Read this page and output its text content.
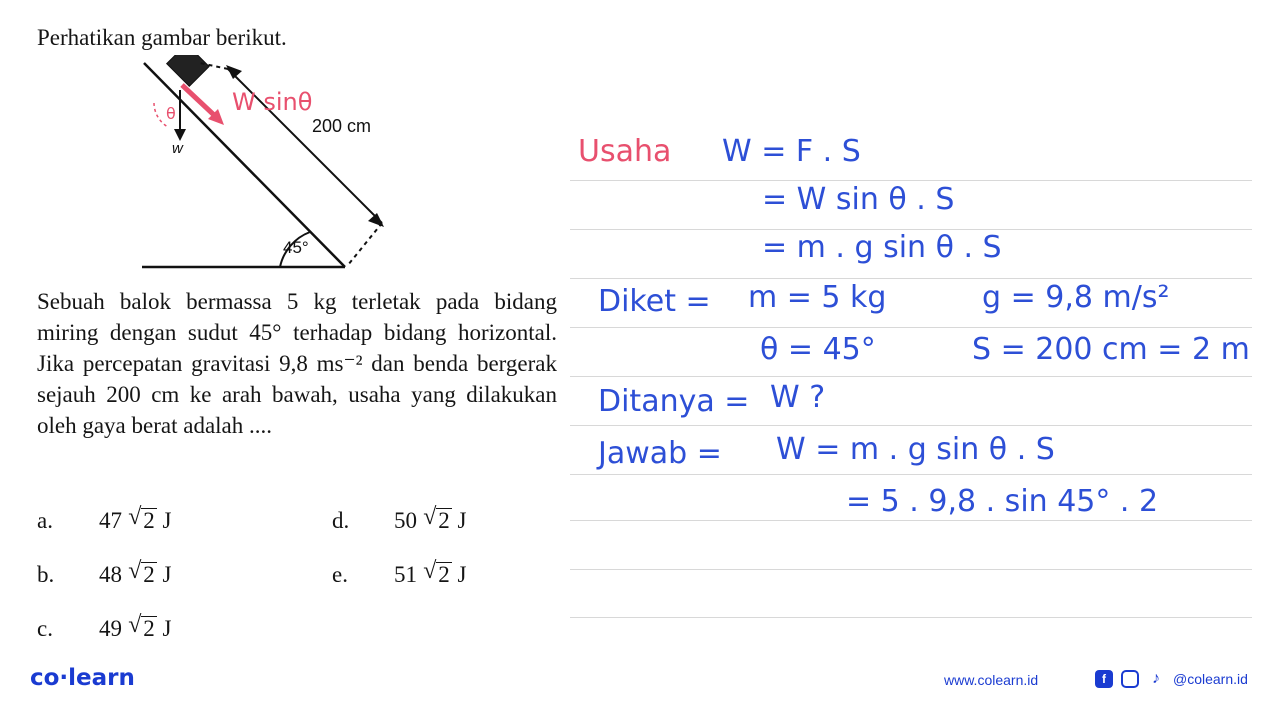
Perhatikan gambar berikut.
200 cm
45°
w
θ W sinθ
Sebuah balok bermassa 5 kg terletak pada bidang miring dengan sudut 45° terhadap bidang horizontal. Jika percepatan gravitasi 9,8 ms⁻² dan benda bergerak sejauh 200 cm ke arah bawah, usaha yang dilakukan oleh gaya berat adalah ....
a. 47 √ 2 J
b. 48 √ 2 J
c. 49 √ 2 J
d. 50 √ 2 J
e. 51 √ 2 J
Usaha W = F . S
= W sin θ . S
= m . g sin θ . S
Diket = m = 5 kg	g = 9,8 m/s²
θ = 45°	S = 200 cm = 2 m
Ditanya = W ?
Jawab = W = m . g sin θ . S
= 5 . 9,8 . sin 45° . 2
co·learn	www.colearn.id	f	♪ @colearn.id
